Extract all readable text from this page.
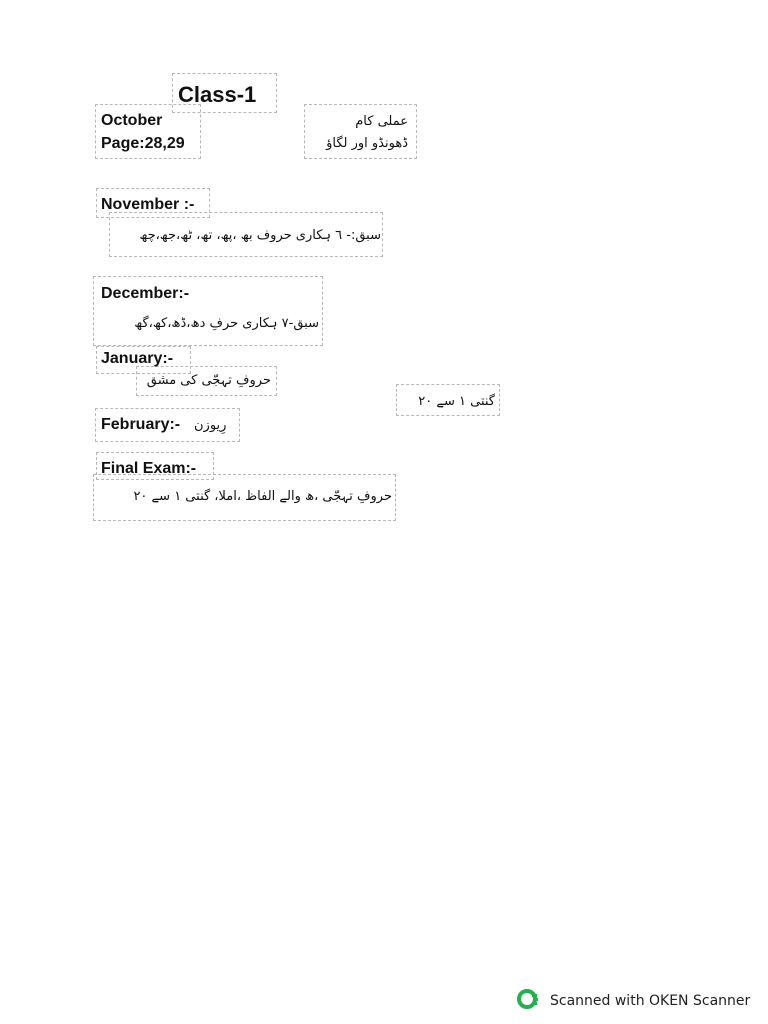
Class-1
October
Page:28,29
عملی کام
ڈھونڈو اور لگاؤ
November :-
سبق:- ٦ ہکاری حروف بھ ،پھ، تھ، ٹھ،جھ،چھ
December:-
سبق-۷ ہکاری حرفِ دھ،ڈھ،کھ،گھ
January:-
حروفِ تہجّی کی مشق
گنتی ۱ سے ۲۰
February:- رِیوزن
Final Exam:-
حروفِ تہجّی ،ھ والے الفاظ ،املا، گنتی ۱ سے ۲۰
Scanned with OKEN Scanner
